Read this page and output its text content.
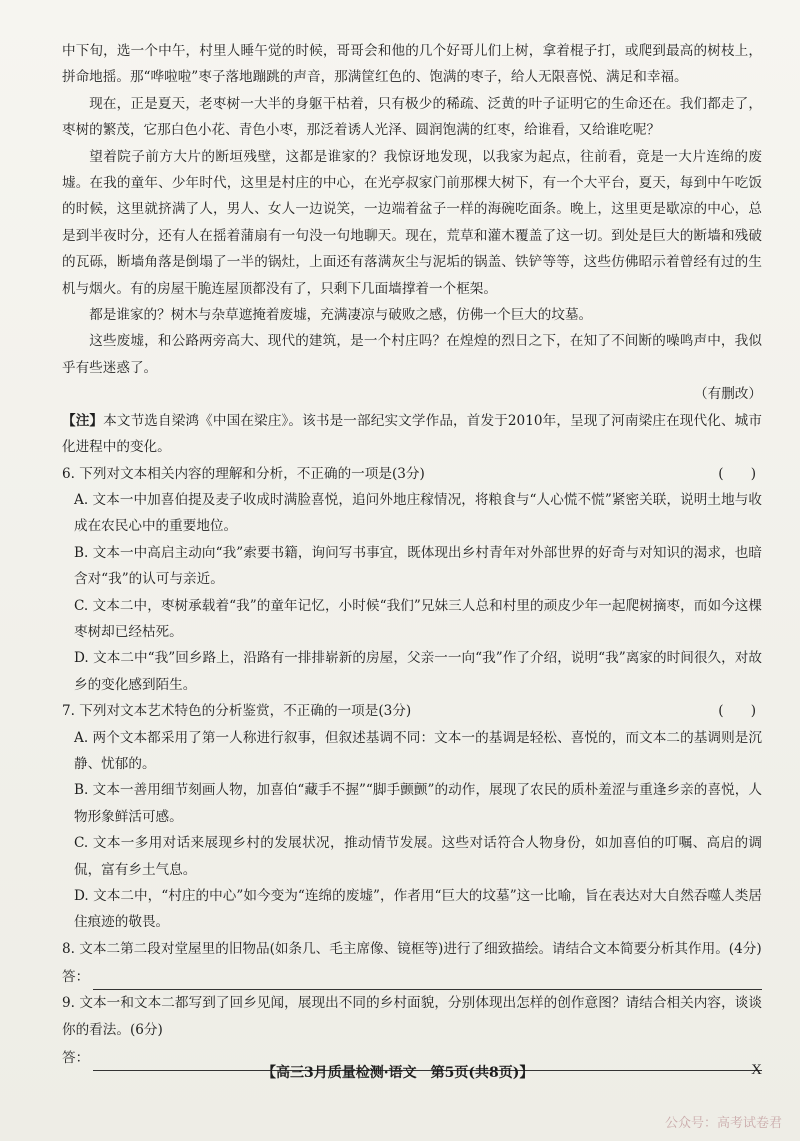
中下旬，选一个中午，村里人睡午觉的时候，哥哥会和他的几个好哥儿们上树，拿着棍子打，或爬到最高的树枝上，拼命地摇。那“哗啦啦”枣子落地蹦跳的声音，那满筐红色的、饱满的枣子，给人无限喜悦、满足和幸福。

现在，正是夏天，老枣树一大半的身躯干枯着，只有极少的稀疏、泛黄的叶子证明它的生命还在。我们都走了，枣树的繁茂，它那白色小花、青色小枣，那泛着诱人光泽、圆润饱满的红枣，给谁看，又给谁吃呢？

望着院子前方大片的断垣残壁，这都是谁家的？我惊讶地发现，以我家为起点，往前看，竟是一大片连绵的废墟。在我的童年、少年时代，这里是村庄的中心，在光亭叔家门前那棵大树下，有一个大平台，夏天，每到中午吃饭的时候，这里就挤满了人，男人、女人一边说笑，一边端着盆子一样的海碗吃面条。晚上，这里更是歇凉的中心，总是到半夜时分，还有人在摇着蒲扇有一句没一句地聊天。现在，荒草和灌木覆盖了这一切。到处是巨大的断墙和残破的瓦砾，断墙角落是倒塌了一半的锅灶，上面还有落满灰尘与泥垢的锅盖、铁铲等等，这些仿佛昭示着曾经有过的生机与烟火。有的房屋干脆连屋顶都没有了，只剩下几面墙撑着一个框架。

都是谁家的？树木与杂草遮掩着废墟，充满凄凉与破败之感，仿佛一个巨大的坟墓。

这些废墟，和公路两旁高大、现代的建筑，是一个村庄吗？在煌煌的烈日之下，在知了不间断的噪鸣声中，我似乎有些迷惑了。

（有删改）

【注】本文节选自梁鸿《中国在梁庄》。该书是一部纪实文学作品，首发于2010年，呈现了河南梁庄在现代化、城市化进程中的变化。

6. 下列对文本相关内容的理解和分析，不正确的一项是(3分)	(　　)

A. 文本一中加喜伯提及麦子收成时满脸喜悦，追问外地庄稼情况，将粮食与“人心慌不慌”紧密关联，说明土地与收成在农民心中的重要地位。

B. 文本一中高启主动向“我”索要书籍，询问写书事宜，既体现出乡村青年对外部世界的好奇与对知识的渴求，也暗含对“我”的认可与亲近。

C. 文本二中，枣树承载着“我”的童年记忆，小时候“我们”兄妹三人总和村里的顽皮少年一起爬树摘枣，而如今这棵枣树却已经枯死。

D. 文本二中“我”回乡路上，沿路有一排排崭新的房屋，父亲一一向“我”作了介绍，说明“我”离家的时间很久，对故乡的变化感到陌生。

7. 下列对文本艺术特色的分析鉴赏，不正确的一项是(3分)	(　　)

A. 两个文本都采用了第一人称进行叙事，但叙述基调不同：文本一的基调是轻松、喜悦的，而文本二的基调则是沉静、忧郁的。

B. 文本一善用细节刻画人物，加喜伯“藏手不握”“脚手颤颤”的动作，展现了农民的质朴羞涩与重逢乡亲的喜悦，人物形象鲜活可感。

C. 文本一多用对话来展现乡村的发展状况，推动情节发展。这些对话符合人物身份，如加喜伯的叮嘱、高启的调侃，富有乡土气息。

D. 文本二中，“村庄的中心”如今变为“连绵的废墟”，作者用“巨大的坟墓”这一比喻，旨在表达对大自然吞噬人类居住痕迹的敬畏。

8. 文本二第二段对堂屋里的旧物品(如条几、毛主席像、镜框等)进行了细致描绘。请结合文本简要分析其作用。(4分)

答：

9. 文本一和文本二都写到了回乡见闻，展现出不同的乡村面貌，分别体现出怎样的创作意图？请结合相关内容，谈谈你的看法。(6分)

答：
【高三3月质量检测·语文　第5页(共8页)】	X
公众号：高考试卷君
